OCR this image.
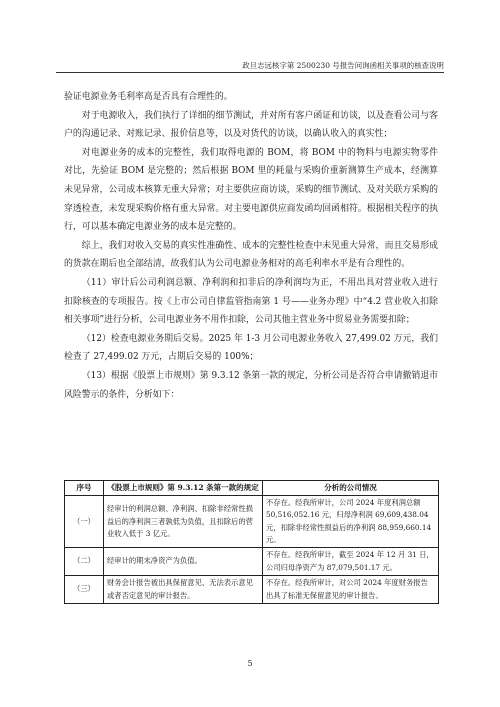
政旦志远核字第 2500230 号报告问询函相关事项的核查说明

验证电源业务毛利率高是否具有合理性的。

对于电源收入，我们执行了详细的细节测试，并对所有客户函证和访谈，以及查看公司与客户的沟通记录、对账记录、报价信息等，以及对货代的访谈，以确认收入的真实性；

对电源业务的成本的完整性，我们取得电源的 BOM，将 BOM 中的物料与电源实物零件对比，先验证 BOM 是完整的；然后根据 BOM 里的耗量与采购价重新测算生产成本，经测算未见异常，公司成本核算无重大异常；对主要供应商访谈，采购的细节测试、及对关联方采购的穿透检查，未发现采购价格有重大异常。对主要电源供应商发函均回函相符。根据相关程序的执行，可以基本确定电源业务的成本是完整的。

综上，我们对收入交易的真实性准确性、成本的完整性检查中未见重大异常，而且交易形成的货款在期后也全部结清，故我们认为公司电源业务相对的高毛利率水平是有合理性的。

（11）审计后公司利润总额、净利润和扣非后的净利润均为正，不用出具对营业收入进行扣除核查的专项报告。按《上市公司自律监管指南第 1 号——业务办理》中“4.2 营业收入扣除相关事项”进行分析，公司电源业务不用作扣除，公司其他主营业务中贸易业务需要扣除；

（12）检查电源业务期后交易。2025 年 1-3 月公司电源业务收入 27,499.02 万元，我们检查了 27,499.02 万元，占期后交易的 100%；

（13）根据《股票上市规则》第 9.3.12 条第一款的规定，分析公司是否符合申请撤销退市风险警示的条件，分析如下：

序号	《股票上市规则》第 9.3.12 条第一款的规定	分析的公司情况
（一）	经审计的利润总额、净利润、扣除非经常性损益后的净利润三者孰低为负值，且扣除后的营业收入低于 3 亿元。	不存在。经我所审计，公司 2024 年度利润总额 50,516,052.16 元，归母净利润 69,609,438.04 元，扣除非经常性损益后的净利润 88,959,660.14 元。
（二）	经审计的期末净资产为负值。	不存在。经我所审计，截至 2024 年 12 月 31 日，公司归母净资产为 87,079,501.17 元。
（三）	财务会计报告被出具保留意见、无法表示意见或者否定意见的审计报告。	不存在。经我所审计，对公司 2024 年度财务报告出具了标准无保留意见的审计报告。
5
